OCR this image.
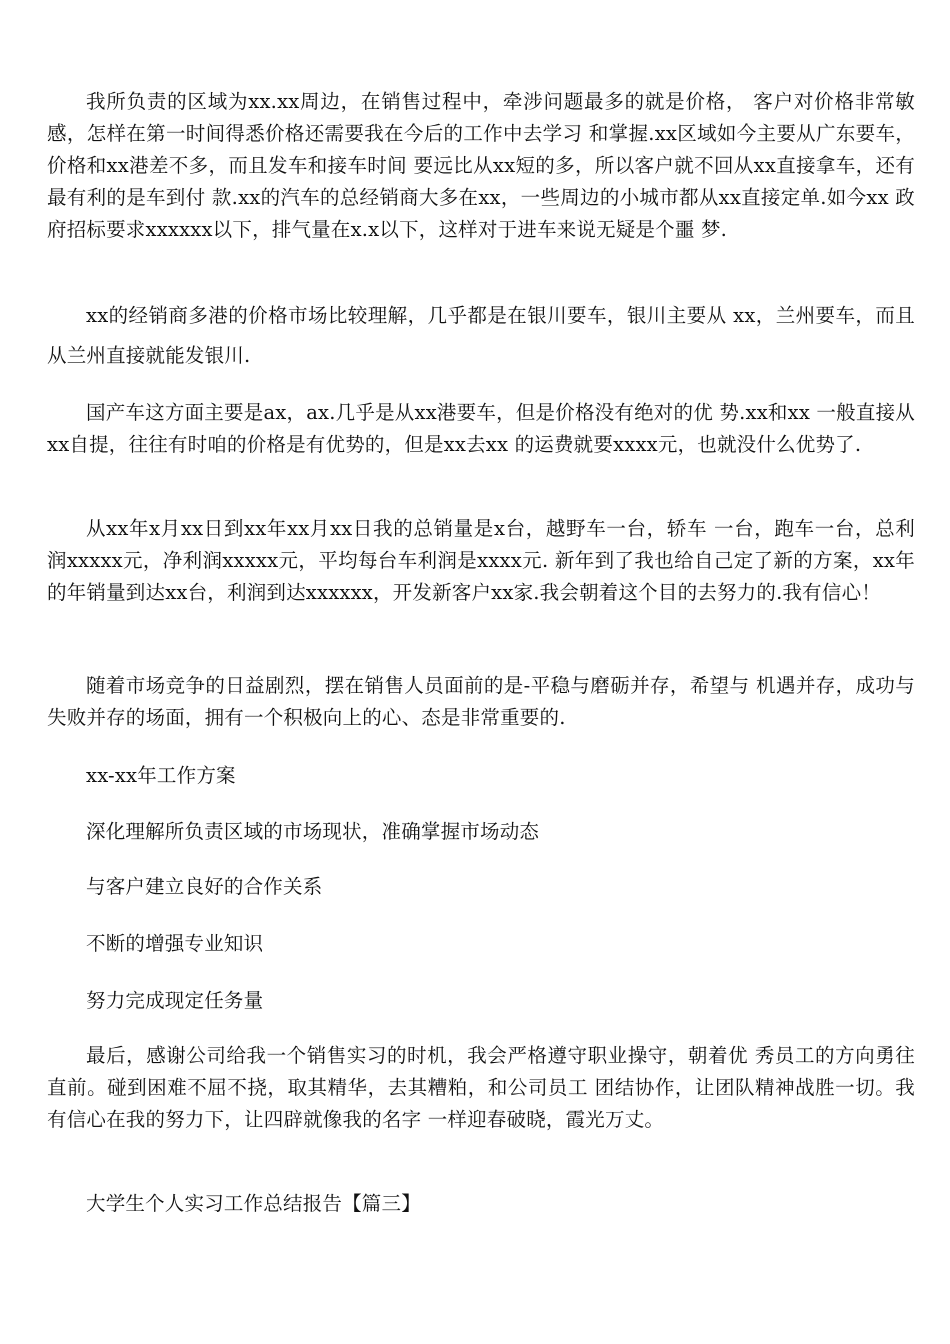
我所负责的区域为xx.xx周边，在销售过程中，牵涉问题最多的就是价格， 客户对价格非常敏感，怎样在第一时间得悉价格还需要我在今后的工作中去学习 和掌握.xx区域如今主要从广东要车，价格和xx港差不多，而且发车和接车时间 要远比从xx短的多，所以客户就不回从xx直接拿车，还有最有利的是车到付 款.xx的汽车的总经销商大多在xx，一些周边的小城市都从xx直接定单.如今xx 政府招标要求xxxxxx以下，排气量在x.x以下，这样对于进车来说无疑是个噩 梦.

xx的经销商多港的价格市场比较理解，几乎都是在银川要车，银川主要从 xx，兰州要车，而且从兰州直接就能发银川.

国产车这方面主要是ax，ax.几乎是从xx港要车，但是价格没有绝对的优 势.xx和xx 一般直接从xx自提，往往有时咱的价格是有优势的，但是xx去xx 的运费就要xxxx元，也就没什么优势了.

从xx年x月xx日到xx年xx月xx日我的总销量是x台，越野车一台，轿车 一台，跑车一台，总利润xxxxx元，净利润xxxxx元，平均每台车利润是xxxx元. 新年到了我也给自己定了新的方案，xx年的年销量到达xx台，利润到达xxxxxx，开发新客户xx家.我会朝着这个目的去努力的.我有信心！

随着市场竞争的日益剧烈，摆在销售人员面前的是-平稳与磨砺并存，希望与 机遇并存，成功与失败并存的场面，拥有一个积极向上的心、态是非常重要的.

xx-xx年工作方案

深化理解所负责区域的市场现状，准确掌握市场动态

与客户建立良好的合作关系

不断的增强专业知识

努力完成现定任务量

最后，感谢公司给我一个销售实习的时机，我会严格遵守职业操守，朝着优 秀员工的方向勇往直前。碰到困难不屈不挠，取其精华，去其糟粕，和公司员工 团结协作，让团队精神战胜一切。我有信心在我的努力下，让四辟就像我的名字 一样迎春破晓，霞光万丈。

大学生个人实习工作总结报告【篇三】
